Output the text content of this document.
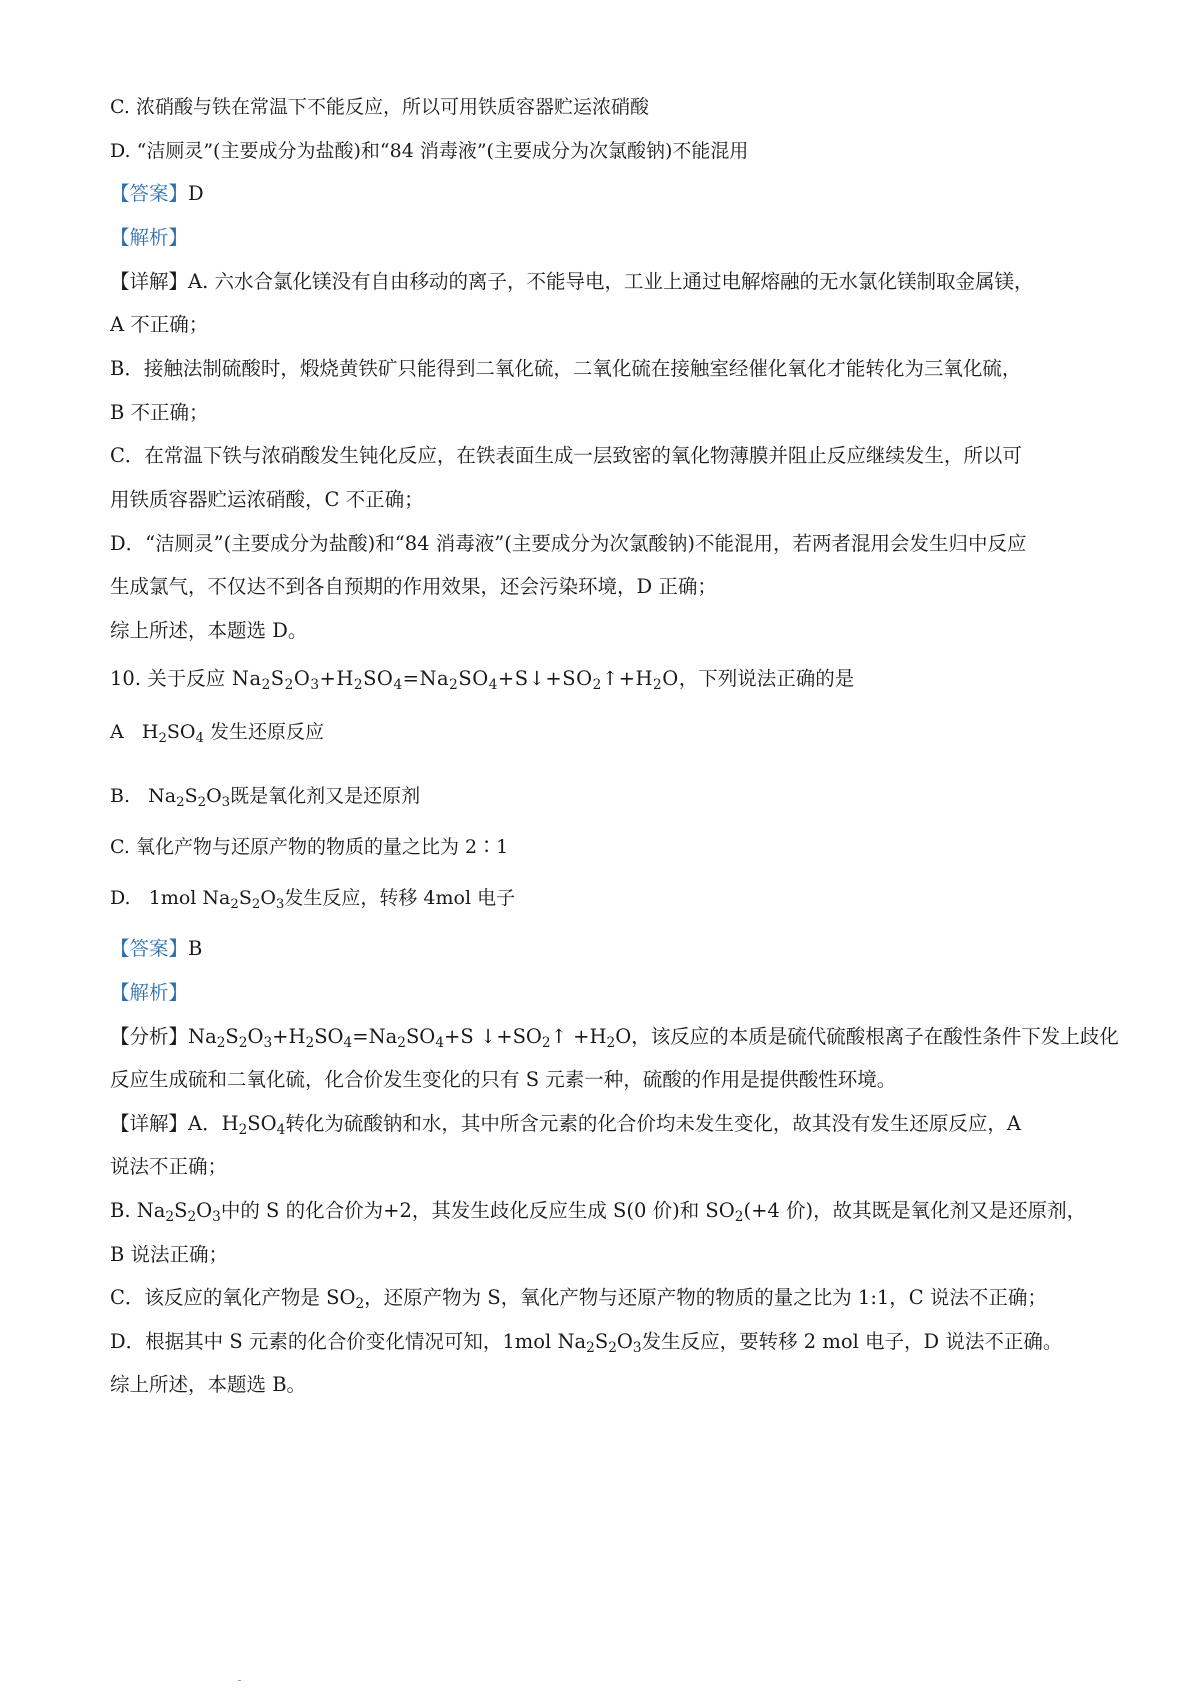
C. 浓硝酸与铁在常温下不能反应，所以可用铁质容器贮运浓硝酸
D. “洁厕灵”(主要成分为盐酸)和“84 消毒液”(主要成分为次氯酸钠)不能混用
【答案】D
【解析】
【详解】A. 六水合氯化镁没有自由移动的离子，不能导电，工业上通过电解熔融的无水氯化镁制取金属镁，
A 不正确；
B．接触法制硫酸时，煅烧黄铁矿只能得到二氧化硫，二氧化硫在接触室经催化氧化才能转化为三氧化硫，
B 不正确；
C．在常温下铁与浓硝酸发生钝化反应，在铁表面生成一层致密的氧化物薄膜并阻止反应继续发生，所以可
用铁质容器贮运浓硝酸，C 不正确；
D．“洁厕灵”(主要成分为盐酸)和“84 消毒液”(主要成分为次氯酸钠)不能混用，若两者混用会发生归中反应
生成氯气，不仅达不到各自预期的作用效果，还会污染环境，D 正确；
综上所述，本题选 D。
10. 关于反应 $Na_2S_2O_3+H_2SO_4=Na_2SO_4+S↓+SO_2↑+H_2O$，下列说法正确的是
A   $H_2SO_4$ 发生还原反应
B.   $Na_2S_2O_3$既是氧化剂又是还原剂
C. 氧化产物与还原产物的物质的量之比为 2∶1
D. 1mol $Na_2S_2O_3$发生反应，转移 4mol 电子
【答案】B
【解析】
【分析】$Na_2S_2O_3+H_2SO_4=Na_2SO_4+S$ $↓+SO_2↑ +H_2O$，该反应的本质是硫代硫酸根离子在酸性条件下发上歧化
反应生成硫和二氧化硫，化合价发生变化的只有 S 元素一种，硫酸的作用是提供酸性环境。
【详解】A．$H_2SO_4$转化为硫酸钠和水，其中所含元素的化合价均未发生变化，故其没有发生还原反应，A
说法不正确；
B. $Na_2S_2O_3$中的 S 的化合价为+2，其发生歧化反应生成 S(0 价)和 $SO_2(+4$ 价)，故其既是氧化剂又是还原剂，
B 说法正确；
C．该反应的氧化产物是 $SO_2$，还原产物为 S，氧化产物与还原产物的物质的量之比为 1:1，C 说法不正确；
D．根据其中 S 元素的化合价变化情况可知，1mol $Na_2S_2O_3$发生反应，要转移 2 mol 电子，D 说法不正确。
综上所述，本题选 B。
